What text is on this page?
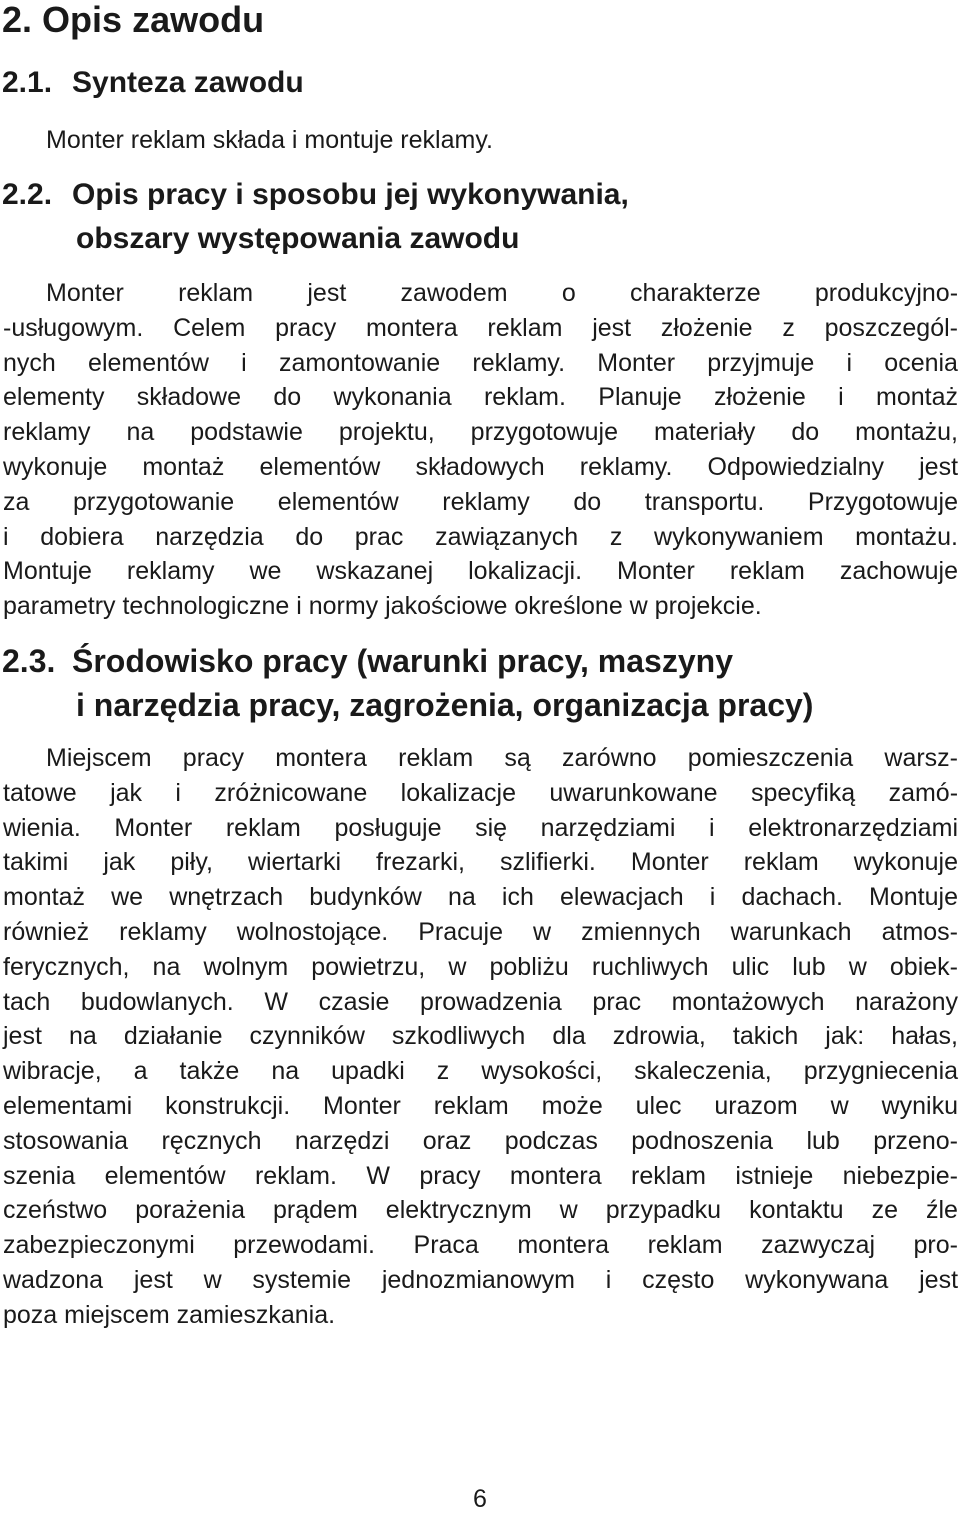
2. Opis zawodu
2.1. Synteza zawodu

Monter reklam składa i montuje reklamy.

2.2. Opis pracy i sposobu jej wykonywania,
obszary występowania zawodu
Monter reklam jest zawodem o charakterze produkcyjno-
-usługowym. Celem pracy montera reklam jest złożenie z poszczegól-
nych elementów i zamontowanie reklamy. Monter przyjmuje i ocenia
elementy składowe do wykonania reklam. Planuje złożenie i montaż
reklamy na podstawie projektu, przygotowuje materiały do montażu,
wykonuje montaż elementów składowych reklamy. Odpowiedzialny jest
za przygotowanie elementów reklamy do transportu. Przygotowuje
i dobiera narzędzia do prac zawiązanych z wykonywaniem montażu.
Montuje reklamy we wskazanej lokalizacji. Monter reklam zachowuje
parametry technologiczne i normy jakościowe określone w projekcie.
2.3. Środowisko pracy (warunki pracy, maszyny
i narzędzia pracy, zagrożenia, organizacja pracy)
Miejscem pracy montera reklam są zarówno pomieszczenia warsz-
tatowe jak i zróżnicowane lokalizacje uwarunkowane specyfiką zamó-
wienia. Monter reklam posługuje się narzędziami i elektronarzędziami
takimi jak piły, wiertarki frezarki, szlifierki. Monter reklam wykonuje
montaż we wnętrzach budynków na ich elewacjach i dachach. Montuje
również reklamy wolnostojące. Pracuje w zmiennych warunkach atmos-
ferycznych, na wolnym powietrzu, w pobliżu ruchliwych ulic lub w obiek-
tach budowlanych. W czasie prowadzenia prac montażowych narażony
jest na działanie czynników szkodliwych dla zdrowia, takich jak: hałas,
wibracje, a także na upadki z wysokości, skaleczenia, przygniecenia
elementami konstrukcji. Monter reklam może ulec urazom w wyniku
stosowania ręcznych narzędzi oraz podczas podnoszenia lub przeno-
szenia elementów reklam. W pracy montera reklam istnieje niebezpie-
czeństwo porażenia prądem elektrycznym w przypadku kontaktu ze źle
zabezpieczonymi przewodami. Praca montera reklam zazwyczaj pro-
wadzona jest w systemie jednozmianowym i często wykonywana jest
poza miejscem zamieszkania.

6
